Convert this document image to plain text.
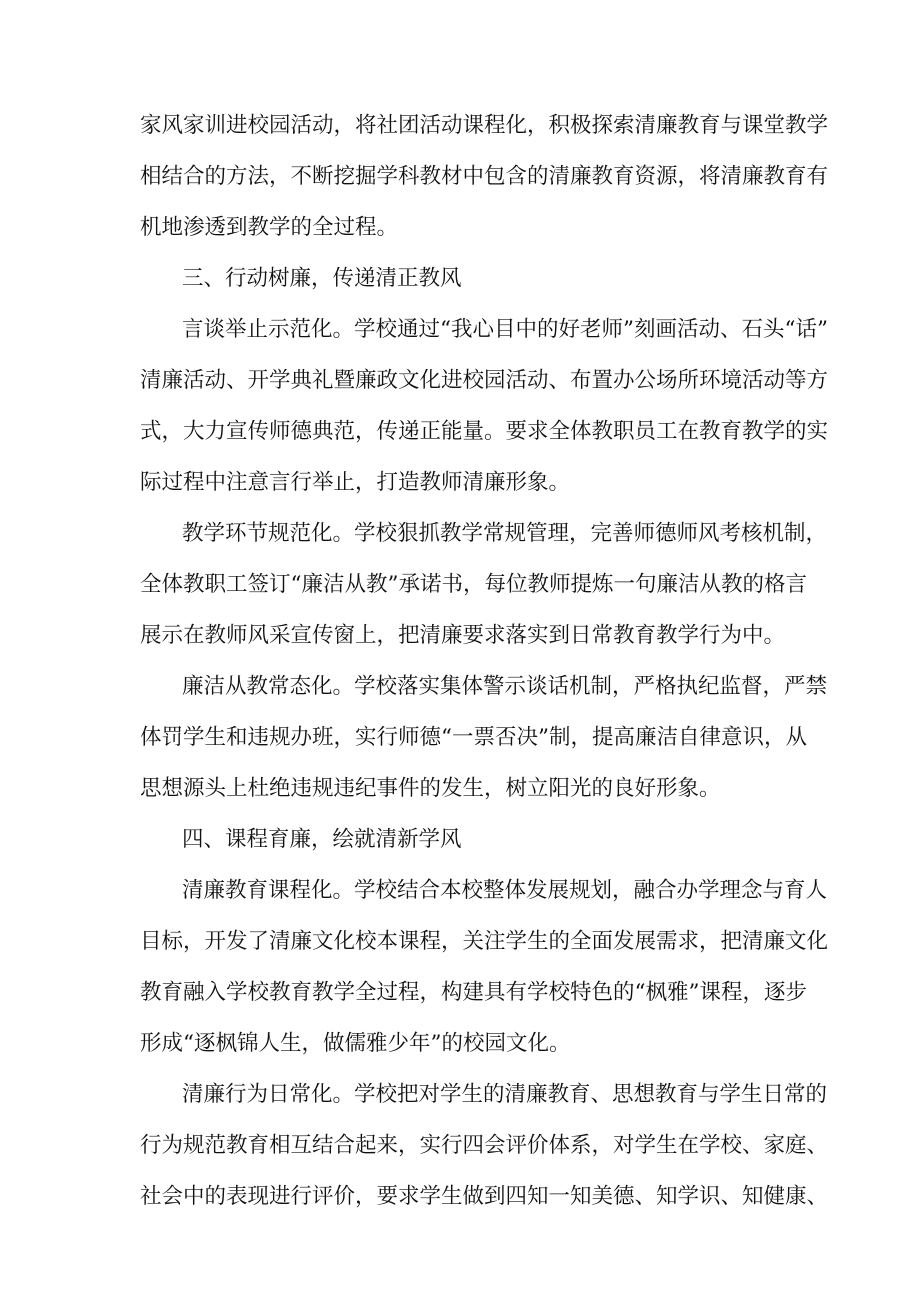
家风家训进校园活动，将社团活动课程化，积极探索清廉教育与课堂教学
相结合的方法，不断挖掘学科教材中包含的清廉教育资源，将清廉教育有
机地渗透到教学的全过程。
三、行动树廉，传递清正教风
言谈举止示范化。学校通过“我心目中的好老师”刻画活动、石头“话”
清廉活动、开学典礼暨廉政文化进校园活动、布置办公场所环境活动等方
式，大力宣传师德典范，传递正能量。要求全体教职员工在教育教学的实
际过程中注意言行举止，打造教师清廉形象。
教学环节规范化。学校狠抓教学常规管理，完善师德师风考核机制，
全体教职工签订“廉洁从教”承诺书，每位教师提炼一句廉洁从教的格言
展示在教师风采宣传窗上，把清廉要求落实到日常教育教学行为中。
廉洁从教常态化。学校落实集体警示谈话机制，严格执纪监督，严禁
体罚学生和违规办班，实行师德“一票否决”制，提高廉洁自律意识，从
思想源头上杜绝违规违纪事件的发生，树立阳光的良好形象。
四、课程育廉，绘就清新学风
清廉教育课程化。学校结合本校整体发展规划，融合办学理念与育人
目标，开发了清廉文化校本课程，关注学生的全面发展需求，把清廉文化
教育融入学校教育教学全过程，构建具有学校特色的“枫雅”课程，逐步
形成“逐枫锦人生，做儒雅少年”的校园文化。
清廉行为日常化。学校把对学生的清廉教育、思想教育与学生日常的
行为规范教育相互结合起来，实行四会评价体系，对学生在学校、家庭、
社会中的表现进行评价，要求学生做到四知一知美德、知学识、知健康、
